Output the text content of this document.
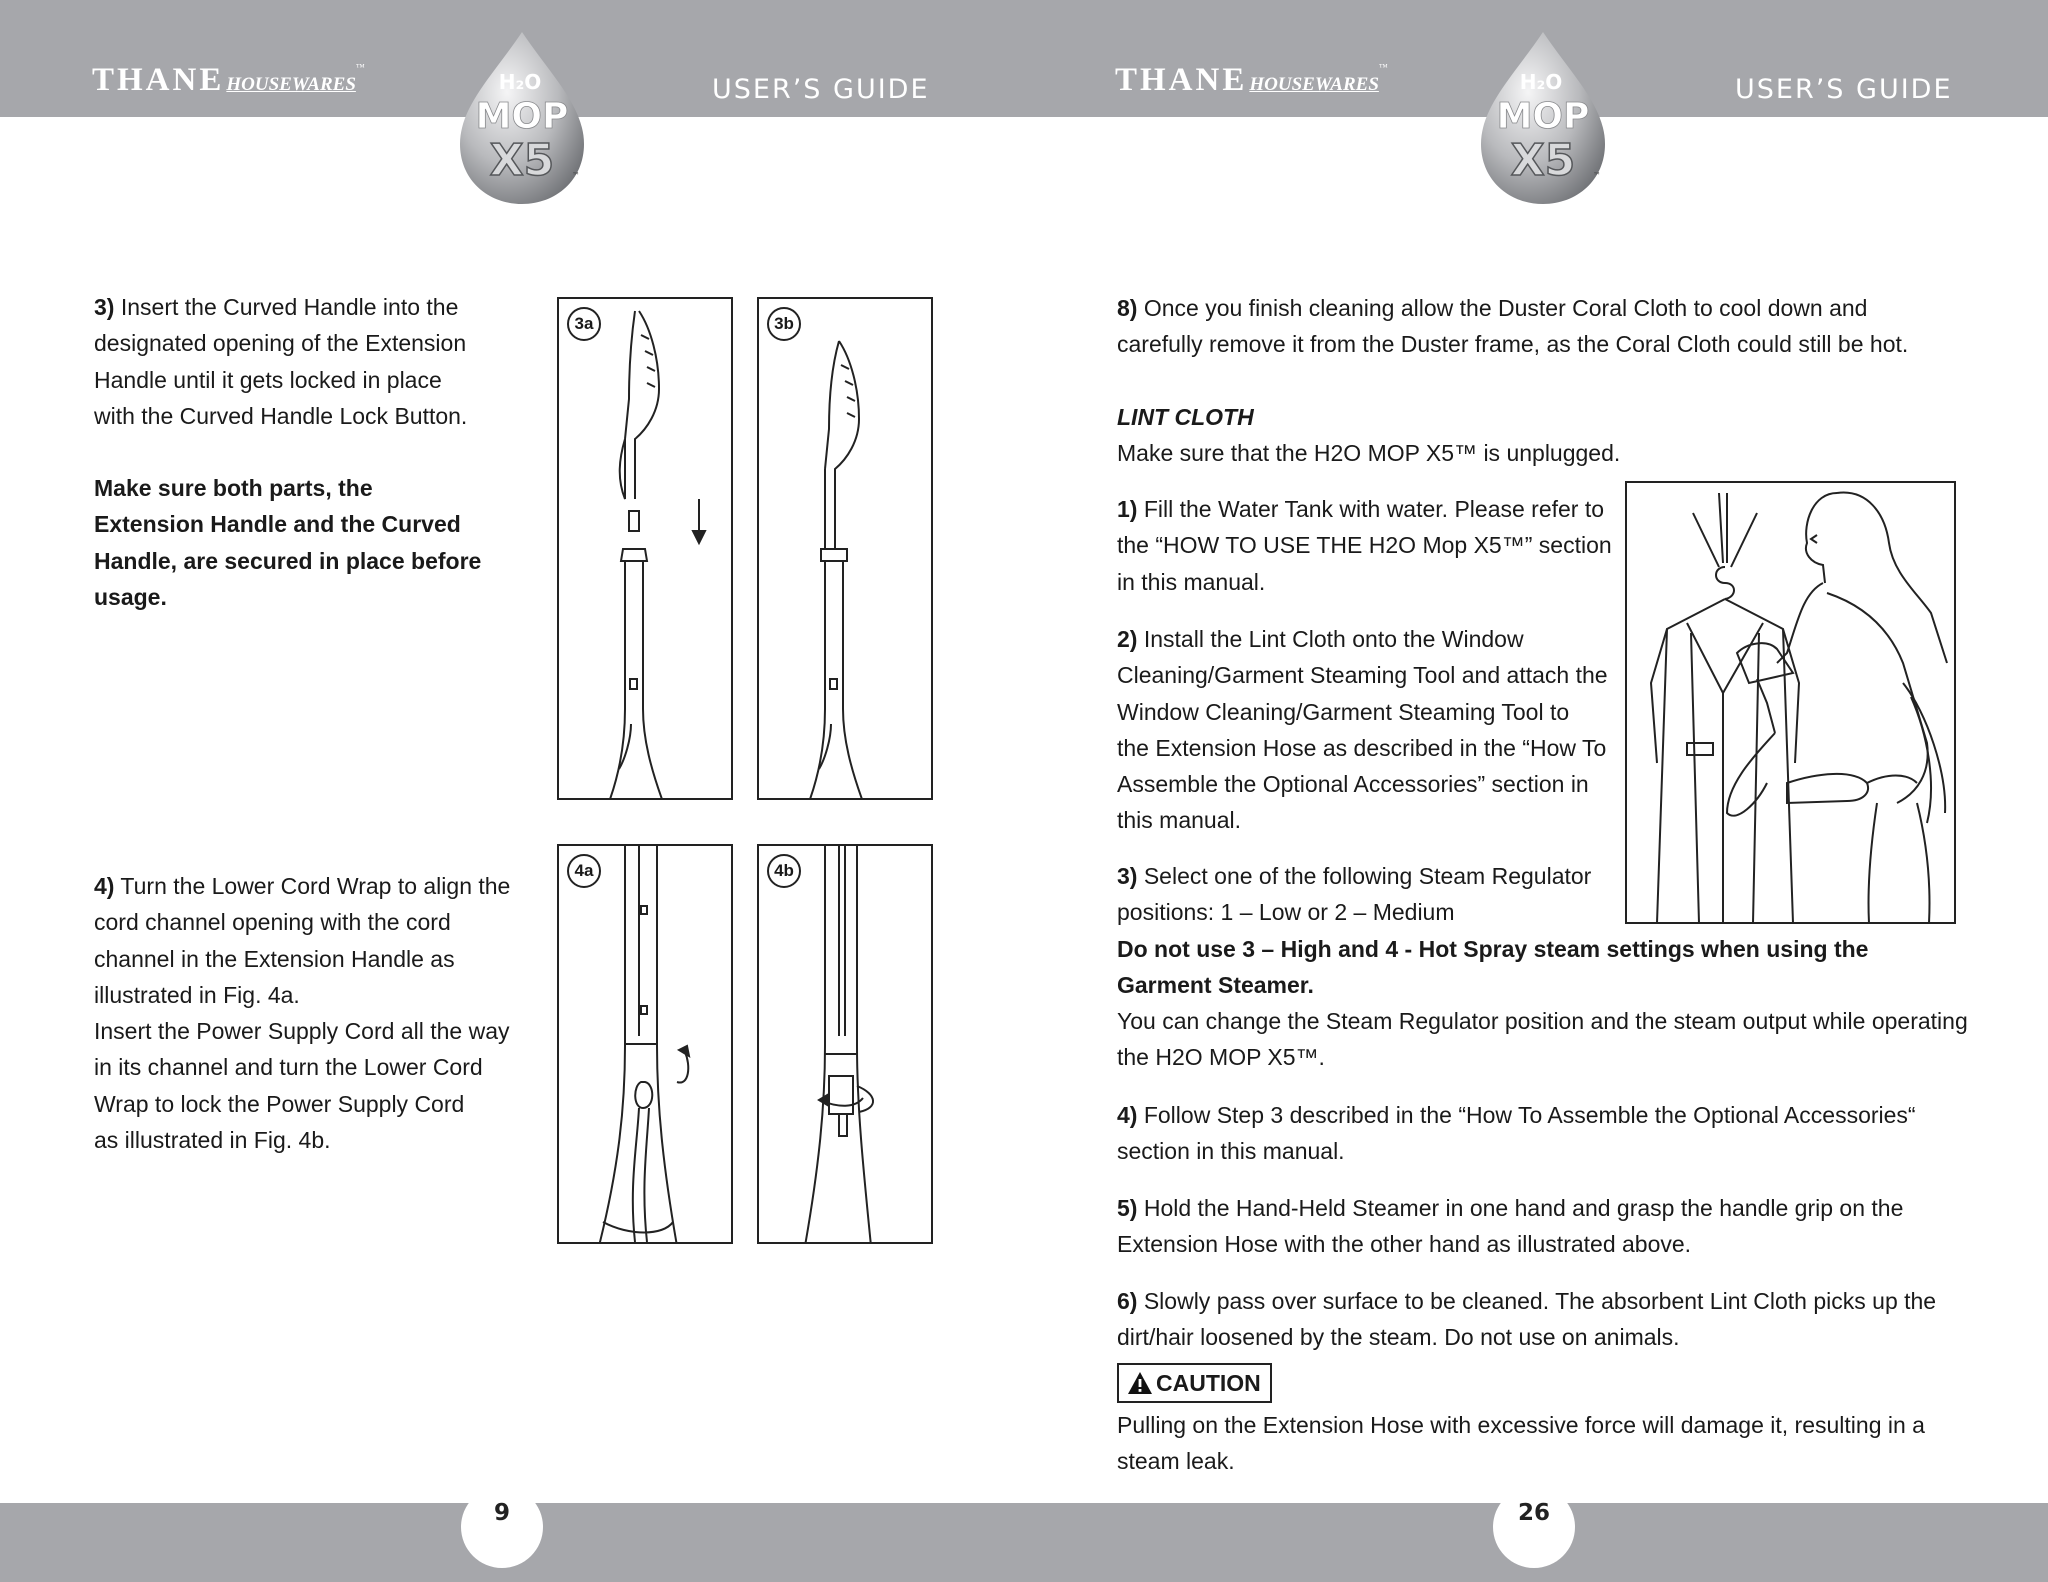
THANE HOUSEWARES™
H₂O
MOP
X5 ™
USER’S GUIDE	THANE HOUSEWARES™
H₂O
MOP
X5 ™
USER’S GUIDE

3) Insert the Curved Handle into the

designated opening of the Extension

Handle until it gets locked in place

with the Curved Handle Lock Button.

Make sure both parts, the

Extension Handle and the Curved

Handle, are secured in place before

usage.

4) Turn the Lower Cord Wrap to align the

cord channel opening with the cord

channel in the Extension Handle as

illustrated in Fig. 4a.

Insert the Power Supply Cord all the way

in its channel and turn the Lower Cord

Wrap to lock the Power Supply Cord

as illustrated in Fig. 4b.

3a	3b
4a	4b

8) Once you finish cleaning allow the Duster Coral Cloth to cool down and

carefully remove it from the Duster frame, as the Coral Cloth could still be hot.

LINT CLOTH

Make sure that the H2O MOP X5™ is unplugged.

1) Fill the Water Tank with water. Please refer to

the “HOW TO USE THE H2O Mop X5™” section

in this manual.

2) Install the Lint Cloth onto the Window

Cleaning/Garment Steaming Tool and attach the

Window Cleaning/Garment Steaming Tool to

the Extension Hose as described in the “How To

Assemble the Optional Accessories” section in

this manual.

3) Select one of the following Steam Regulator

positions: 1 – Low or 2 – Medium

Do not use 3 – High and 4 - Hot Spray steam settings when using the

Garment Steamer.

You can change the Steam Regulator position and the steam output while operating

the H2O MOP X5™.

4) Follow Step 3 described in the “How To Assemble the Optional Accessories“

section in this manual.

5) Hold the Hand-Held Steamer in one hand and grasp the handle grip on the

Extension Hose with the other hand as illustrated above.

6) Slowly pass over surface to be cleaned. The absorbent Lint Cloth picks up the

dirt/hair loosened by the steam. Do not use on animals.

CAUTION

Pulling on the Extension Hose with excessive force will damage it, resulting in a

steam leak.

9	26
